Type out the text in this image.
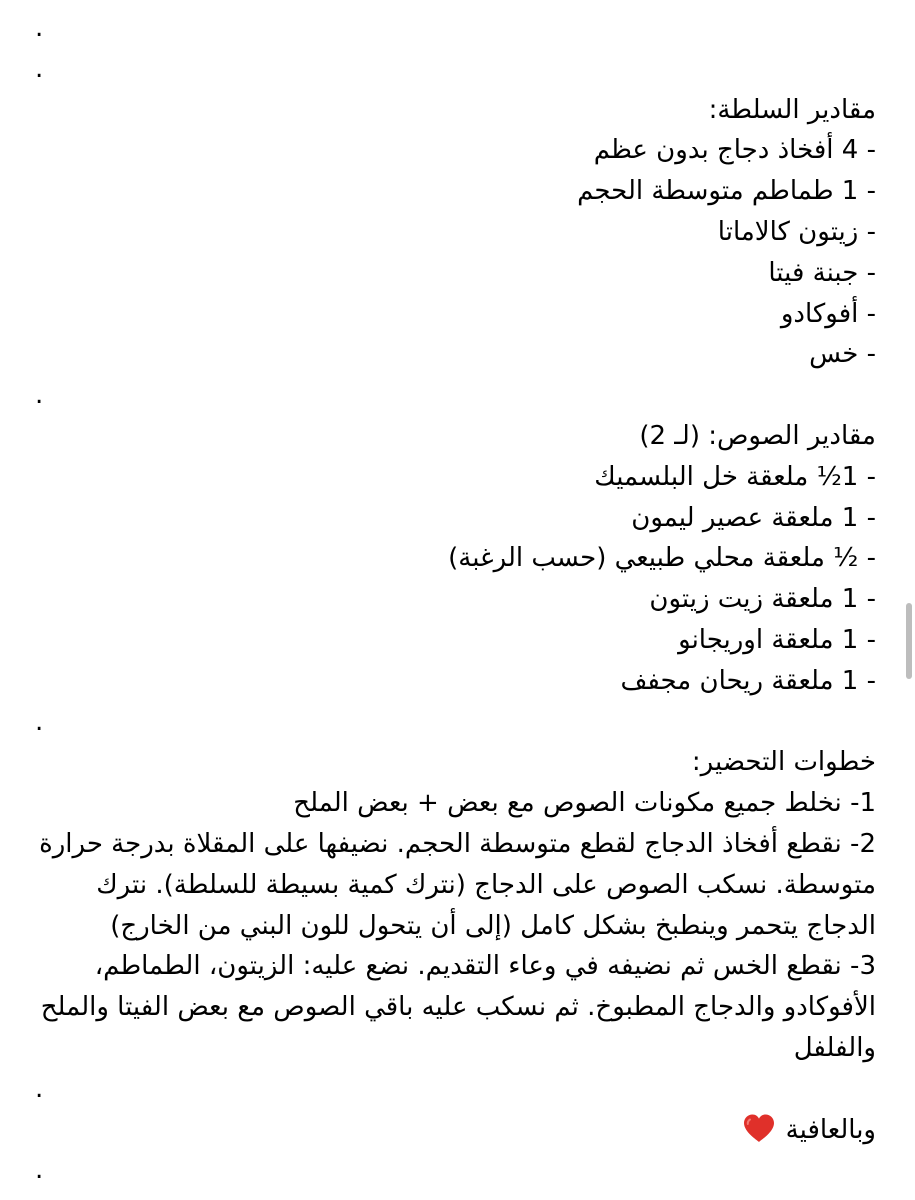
.
.
مقادير السلطة:
- 4 أفخاذ دجاج بدون عظم
- 1 طماطم متوسطة الحجم
- زيتون كالاماتا
- جبنة فيتا
- أفوكادو
- خس
.
مقادير الصوص: (لـ 2)
- 1½ ملعقة خل البلسميك
- 1 ملعقة عصير ليمون
- ½ ملعقة محلي طبيعي (حسب الرغبة)
- 1 ملعقة زيت زيتون
- 1 ملعقة اوريجانو
- 1 ملعقة ريحان مجفف
.
خطوات التحضير:
1- نخلط جميع مكونات الصوص مع بعض + بعض الملح
2- نقطع أفخاذ الدجاج لقطع متوسطة الحجم. نضيفها على المقلاة بدرجة حرارة متوسطة. نسكب الصوص على الدجاج (نترك كمية بسيطة للسلطة). نترك الدجاج يتحمر وينطبخ بشكل كامل (إلى أن يتحول للون البني من الخارج)
3- نقطع الخس ثم نضيفه في وعاء التقديم. نضع عليه: الزيتون، الطماطم، الأفوكادو والدجاج المطبوخ. ثم نسكب عليه باقي الصوص مع بعض الفيتا والملح والفلفل
.
وبالعافية
.
